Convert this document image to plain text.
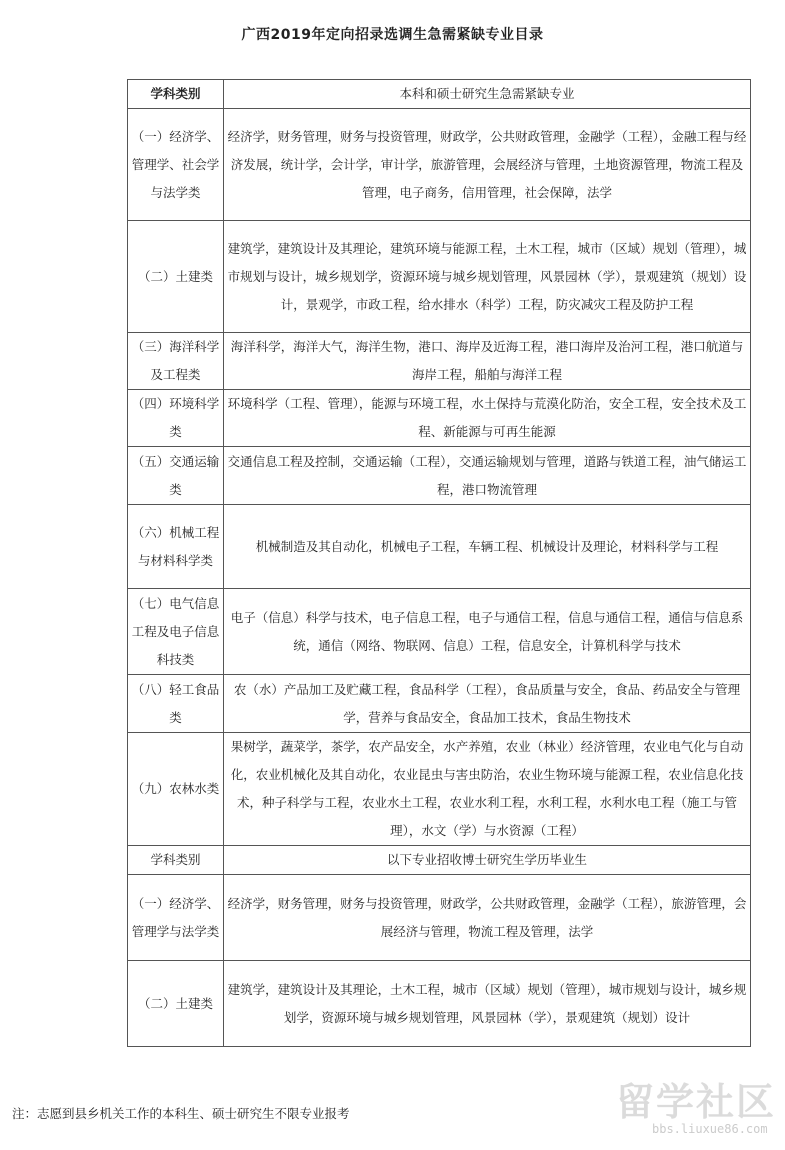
广西2019年定向招录选调生急需紧缺专业目录
学科类别	本科和硕士研究生急需紧缺专业
（一）经济学、管理学、社会学与法学类	经济学，财务管理，财务与投资管理，财政学，公共财政管理，金融学（工程），金融工程与经济发展，统计学，会计学，审计学，旅游管理，会展经济与管理，土地资源管理，物流工程及管理，电子商务，信用管理，社会保障，法学
（二）土建类	建筑学，建筑设计及其理论，建筑环境与能源工程，土木工程，城市（区域）规划（管理），城市规划与设计，城乡规划学，资源环境与城乡规划管理，风景园林（学），景观建筑（规划）设计，景观学，市政工程，给水排水（科学）工程，防灾减灾工程及防护工程
（三）海洋科学及工程类	海洋科学，海洋大气，海洋生物，港口、海岸及近海工程，港口海岸及治河工程，港口航道与海岸工程，船舶与海洋工程
（四）环境科学类	环境科学（工程、管理），能源与环境工程，水土保持与荒漠化防治，安全工程，安全技术及工程、新能源与可再生能源
（五）交通运输类	交通信息工程及控制，交通运输（工程），交通运输规划与管理，道路与铁道工程，油气储运工程，港口物流管理
（六）机械工程与材料科学类	机械制造及其自动化，机械电子工程，车辆工程、机械设计及理论，材料科学与工程
（七）电气信息工程及电子信息科技类	电子（信息）科学与技术，电子信息工程，电子与通信工程，信息与通信工程，通信与信息系统，通信（网络、物联网、信息）工程，信息安全，计算机科学与技术
（八）轻工食品类	农（水）产品加工及贮藏工程，食品科学（工程），食品质量与安全，食品、药品安全与管理学，营养与食品安全，食品加工技术，食品生物技术
（九）农林水类	果树学，蔬菜学，茶学，农产品安全，水产养殖，农业（林业）经济管理，农业电气化与自动化，农业机械化及其自动化，农业昆虫与害虫防治，农业生物环境与能源工程，农业信息化技术，种子科学与工程，农业水土工程，农业水利工程，水利工程，水利水电工程（施工与管理），水文（学）与水资源（工程）
学科类别	以下专业招收博士研究生学历毕业生
（一）经济学、管理学与法学类	经济学，财务管理，财务与投资管理，财政学，公共财政管理，金融学（工程），旅游管理，会展经济与管理，物流工程及管理，法学
（二）土建类	建筑学，建筑设计及其理论，土木工程，城市（区域）规划（管理），城市规划与设计，城乡规划学，资源环境与城乡规划管理，风景园林（学），景观建筑（规划）设计
注：志愿到县乡机关工作的本科生、硕士研究生不限专业报考	留学社区
bbs.liuxue86.com
